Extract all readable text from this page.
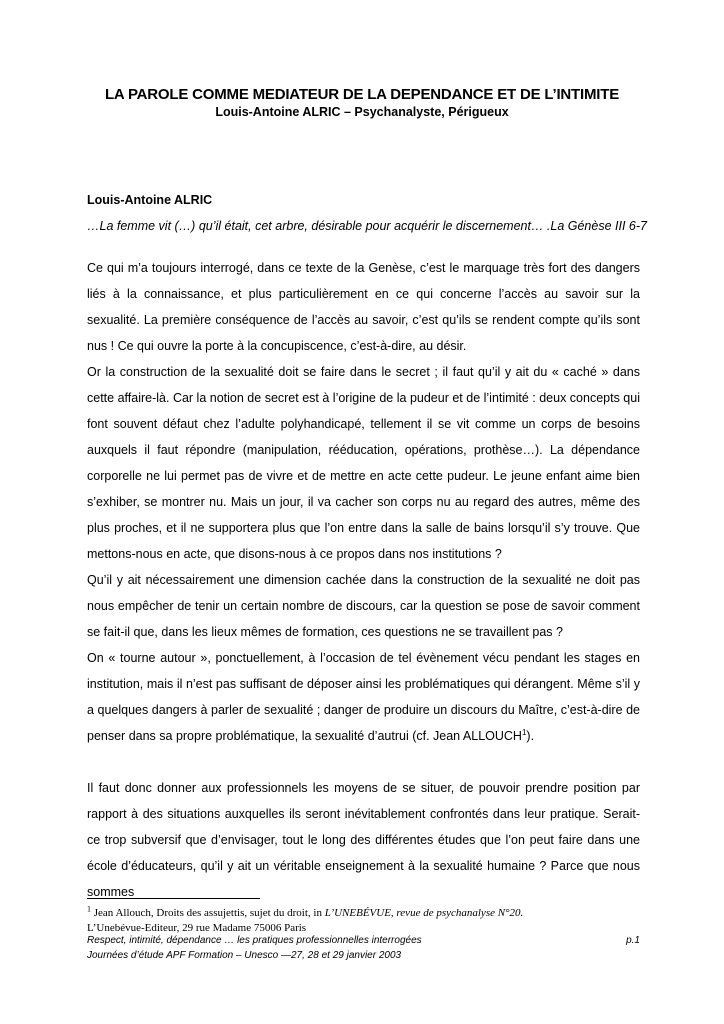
LA PAROLE COMME MEDIATEUR DE LA DEPENDANCE ET DE L’INTIMITE
Louis-Antoine ALRIC – Psychanalyste, Périgueux
Louis-Antoine ALRIC
…La femme vit (…) qu’il était, cet arbre, désirable pour acquérir le discernement… .La Génèse III 6-7

Ce qui m’a toujours interrogé, dans ce texte de la Genèse, c’est le marquage très fort des dangers liés à la connaissance, et plus particulièrement en ce qui concerne l’accès au savoir sur la sexualité. La première conséquence de l’accès au savoir, c’est qu’ils se rendent compte qu’ils sont nus ! Ce qui ouvre la porte à la concupiscence, c’est-à-dire, au désir.

Or la construction de la sexualité doit se faire dans le secret ; il faut qu’il y ait du « caché » dans cette affaire-là. Car la notion de secret est à l’origine de la pudeur et de l’intimité : deux concepts qui font souvent défaut chez l’adulte polyhandicapé, tellement il se vit comme un corps de besoins auxquels il faut répondre (manipulation, rééducation, opérations, prothèse…). La dépendance corporelle ne lui permet pas de vivre et de mettre en acte cette pudeur. Le jeune enfant aime bien s’exhiber, se montrer nu. Mais un jour, il va cacher son corps nu au regard des autres, même des plus proches, et il ne supportera plus que l’on entre dans la salle de bains lorsqu’il s’y trouve. Que mettons-nous en acte, que disons-nous à ce propos dans nos institutions ?

Qu’il y ait nécessairement une dimension cachée dans la construction de la sexualité ne doit pas nous empêcher de tenir un certain nombre de discours, car la question se pose de savoir comment se fait-il que, dans les lieux mêmes de formation, ces questions ne se travaillent pas ?

On « tourne autour », ponctuellement, à l’occasion de tel évènement vécu pendant les stages en institution, mais il n’est pas suffisant de déposer ainsi les problématiques qui dérangent. Même s’il y a quelques dangers à parler de sexualité ; danger de produire un discours du Maître, c’est-à-dire de penser dans sa propre problématique, la sexualité d’autrui (cf. Jean ALLOUCH$^1$).

Il faut donc donner aux professionnels les moyens de se situer, de pouvoir prendre position par rapport à des situations auxquelles ils seront inévitablement confrontés dans leur pratique. Serait-ce trop subversif que d’envisager, tout le long des différentes études que l’on peut faire dans une école d’éducateurs, qu’il y ait un véritable enseignement à la sexualité humaine ? Parce que nous sommes

$^1$ Jean Allouch, Droits des assujettis, sujet du droit, in L’UNEBÉVUE, revue de psychanalyse N°20.
L’Unebévue-Editeur, 29 rue Madame 75006 Paris
Respect, intimité, dépendance … les pratiques professionnelles interrogées	p.1
Journées d’étude APF Formation – Unesco —27, 28 et 29 janvier 2003
